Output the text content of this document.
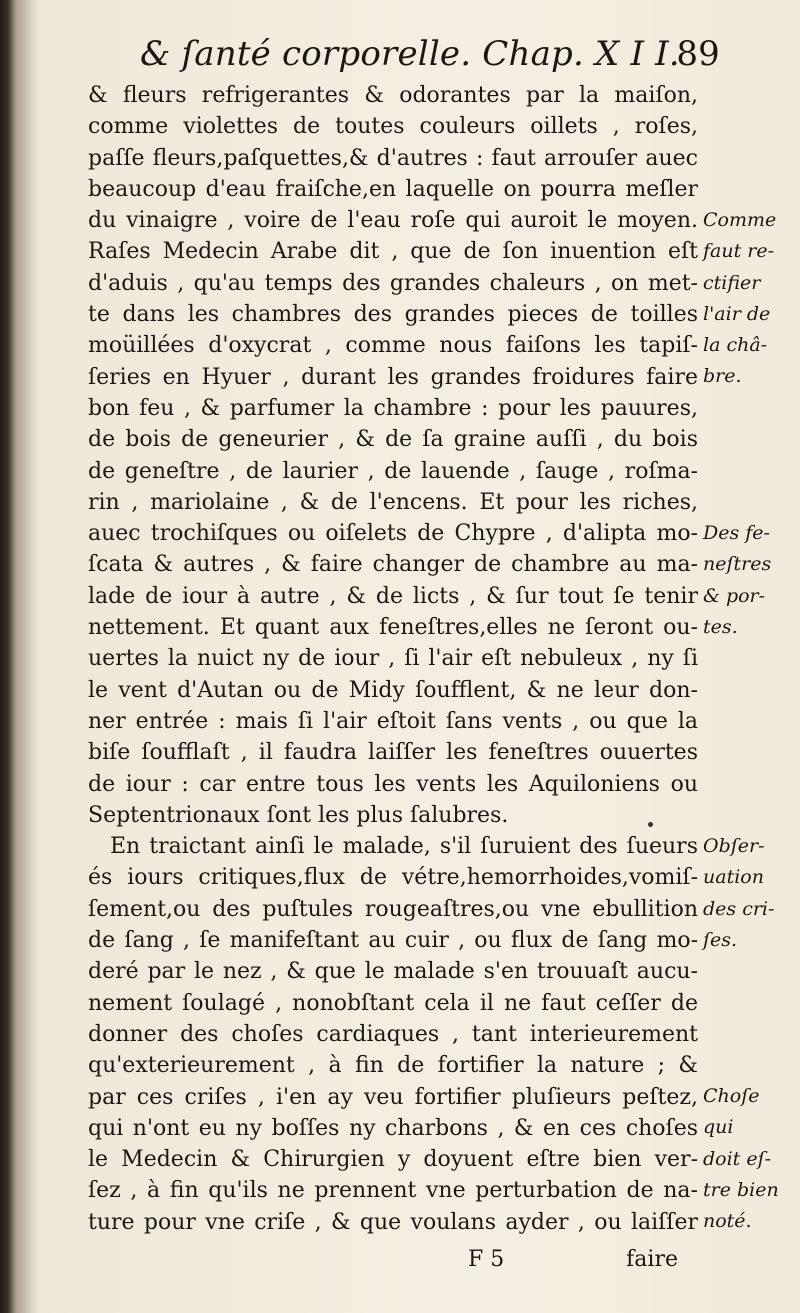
& ſanté corporelle. Chap. X I I.
89
& fleurs refrigerantes & odorantes par la maiſon,
comme violettes de toutes couleurs oillets , roſes,
paſſe fleurs,paſquettes,& d'autres : faut arrouſer auec
beaucoup d'eau fraiſche,en laquelle on pourra meſler
du vinaigre , voire de l'eau roſe qui auroit le moyen.
Raſes Medecin Arabe dit , que de ſon inuention eſt
d'aduis , qu'au temps des grandes chaleurs , on met-
te dans les chambres des grandes pieces de toilles
moüillées d'oxycrat , comme nous faiſons les tapiſ-
ſeries en Hyuer , durant les grandes froidures faire
bon feu , & parfumer la chambre : pour les pauures,
de bois de geneurier , & de ſa graine auſſi , du bois
de geneſtre , de laurier , de lauende , ſauge , roſma-
rin , mariolaine , & de l'encens. Et pour les riches,
auec trochiſques ou oiſelets de Chypre , d'alipta mo-
ſcata & autres , & faire changer de chambre au ma-
lade de iour à autre , & de licts , & ſur tout ſe tenir
nettement. Et quant aux feneſtres,elles ne ſeront ou-
uertes la nuict ny de iour , ſi l'air eſt nebuleux , ny ſi
le vent d'Autan ou de Midy ſoufflent, & ne leur don-
ner entrée : mais ſi l'air eſtoit ſans vents , ou que la
biſe ſoufflaſt , il faudra laiſſer les feneſtres ouuertes
de iour : car entre tous les vents les Aquiloniens ou
Septentrionaux ſont les plus ſalubres.
En traictant ainſi le malade, s'il ſuruient des ſueurs
és iours critiques,flux de vétre,hemorrhoides,vomiſ-
ſement,ou des puſtules rougeaſtres,ou vne ebullition
de ſang , ſe manifeſtant au cuir , ou flux de ſang mo-
deré par le nez , & que le malade s'en trouuaſt aucu-
nement ſoulagé , nonobſtant cela il ne faut ceſſer de
donner des choſes cardiaques , tant interieurement
qu'exterieurement , à fin de fortifier la nature ; &
par ces criſes , i'en ay veu fortifier pluſieurs peſtez,
qui n'ont eu ny boſſes ny charbons , & en ces choſes
le Medecin & Chirurgien y doyuent eſtre bien ver-
ſez , à fin qu'ils ne prennent vne perturbation de na-
ture pour vne criſe , & que voulans ayder , ou laiſſer
Comme
faut re-
ctifier
l'air de
la châ-
bre.
Des fe-
neſtres
& por-
tes.
Obſer-
uation
des cri-
ſes.
Choſe
qui
doit eſ-
tre bien
noté.
F 5	faire
